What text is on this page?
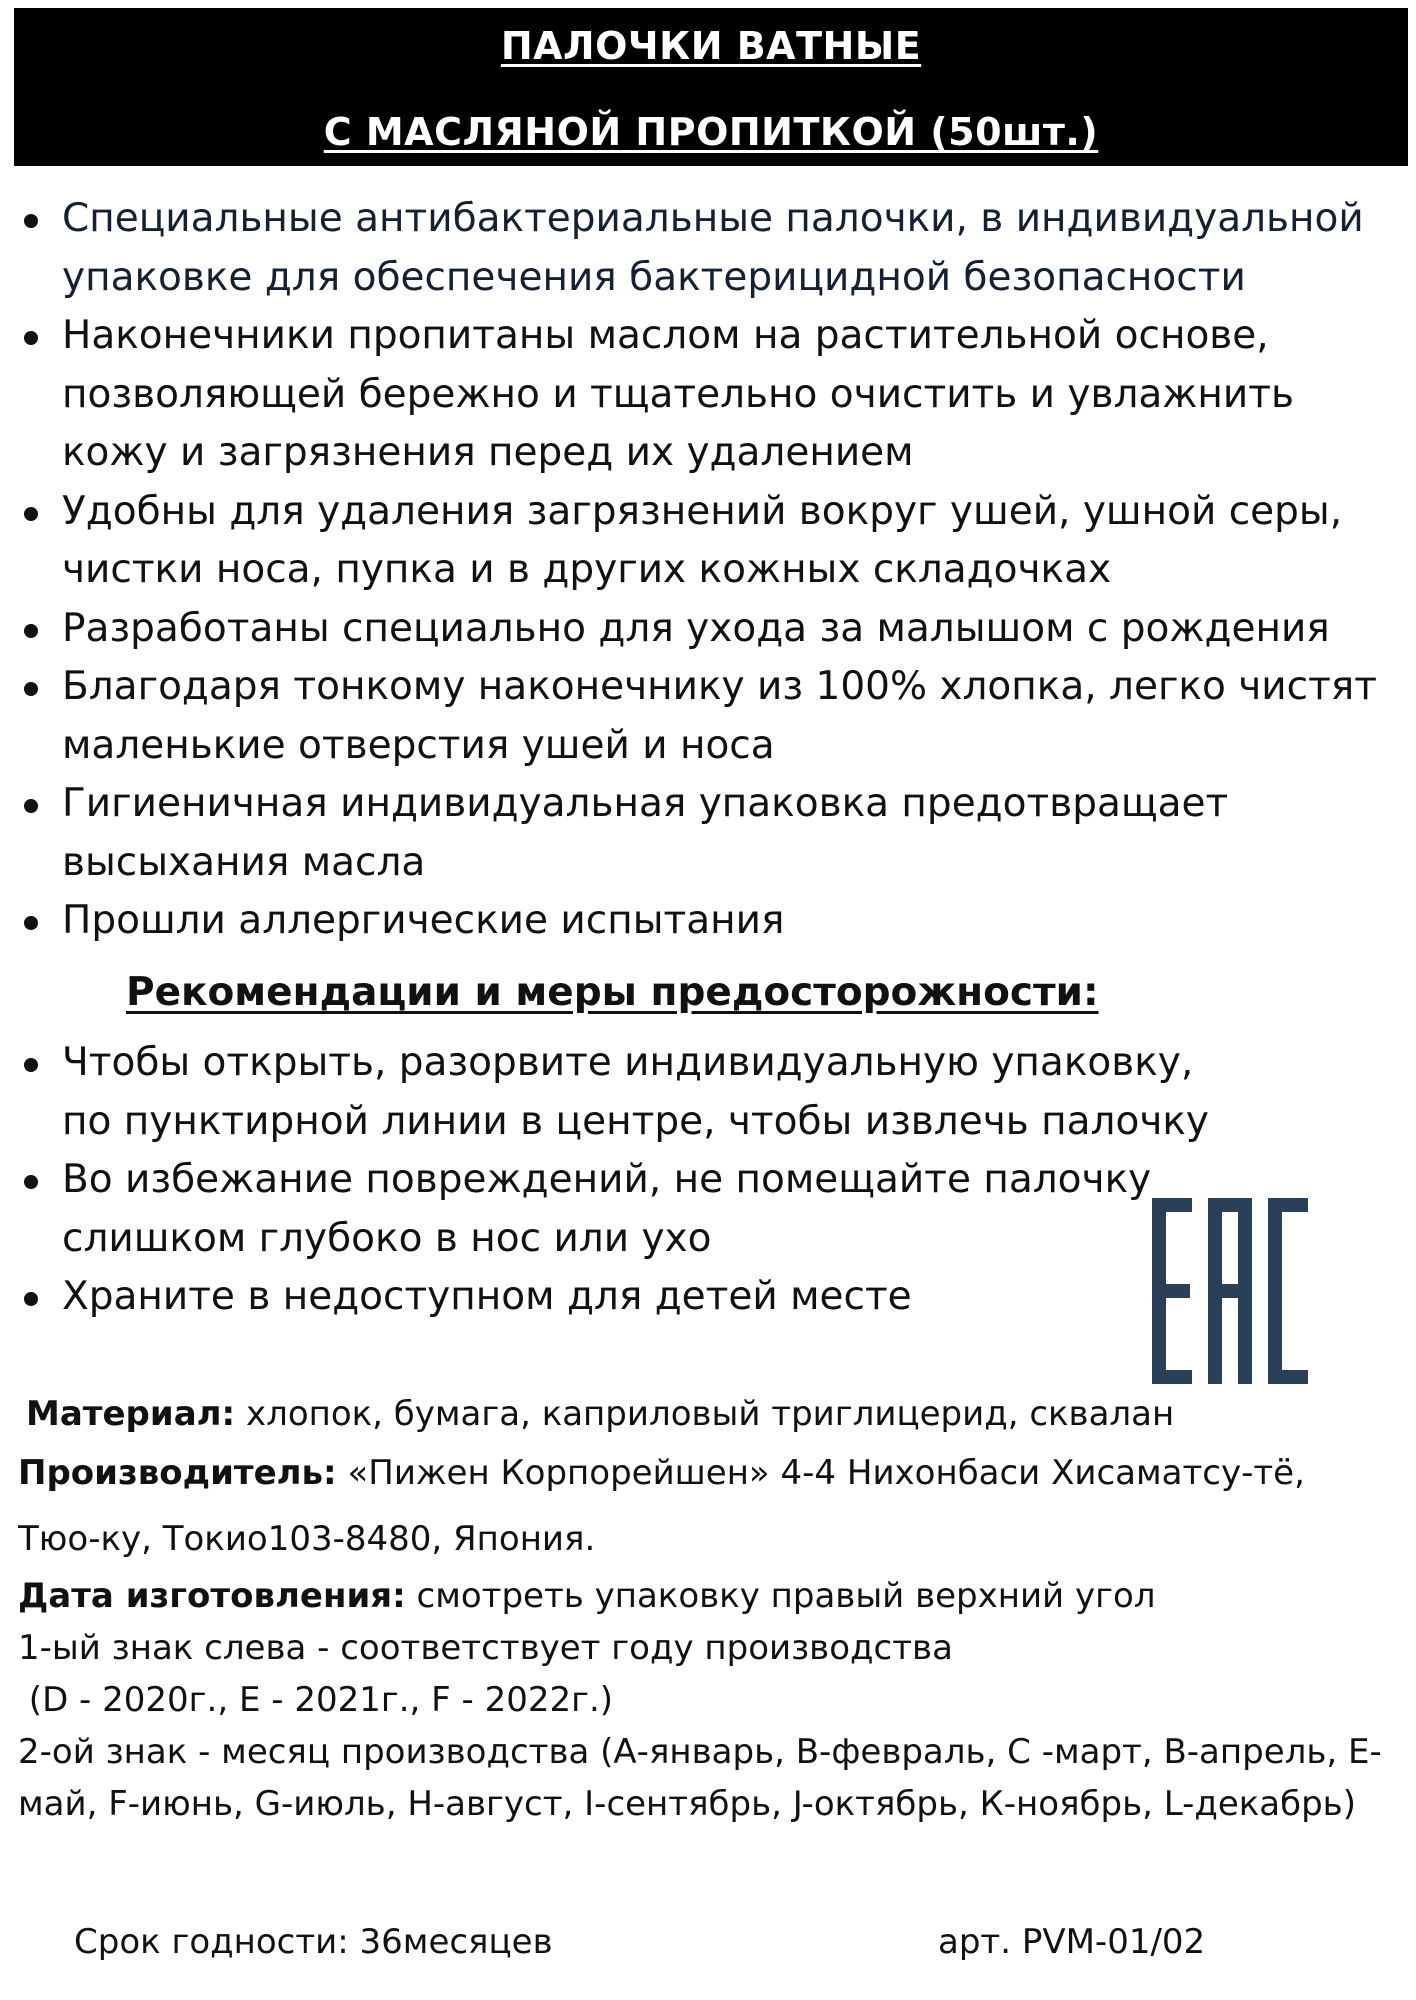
ПАЛОЧКИ ВАТНЫЕ
С МАСЛЯНОЙ ПРОПИТКОЙ (50шт.)
Специальные антибактериальные палочки, в индивидуальной упаковке для обеспечения бактерицидной безопасности
Наконечники пропитаны маслом на растительной основе, позволяющей бережно и тщательно очистить и увлажнить кожу и загрязнения перед их удалением
Удобны для удаления загрязнений вокруг ушей, ушной серы, чистки носа, пупка и в других кожных складочках
Разработаны специально для ухода за малышом с рождения
Благодаря тонкому наконечнику из 100% хлопка, легко чистят маленькие отверстия ушей и носа
Гигиеничная индивидуальная упаковка предотвращает высыхания масла
Прошли аллергические испытания
Рекомендации и меры предосторожности:
Чтобы открыть, разорвите индивидуальную упаковку, по пунктирной линии в центре, чтобы извлечь палочку
Во избежание повреждений, не помещайте палочку слишком глубоко в нос или ухо
Храните в недоступном для детей месте
Материал: хлопок, бумага, каприловый триглицерид, сквалан
Производитель: «Пижен Корпорейшен» 4-4 Нихонбаси Хисаматсу-тё, Тюо-ку, Токио103-8480, Япония.
Дата изготовления: смотреть упаковку правый верхний угол
1-ый знак слева - соответствует году производства
(D - 2020г., E - 2021г., F - 2022г.)
2-ой знак - месяц производства (А-январь, В-февраль, С -март, В-апрель, Е-май, F-июнь, G-июль, H-август, I-сентябрь, J-октябрь, К-ноябрь, L-декабрь)
Срок годности: 36месяцев	арт. PVM-01/02
